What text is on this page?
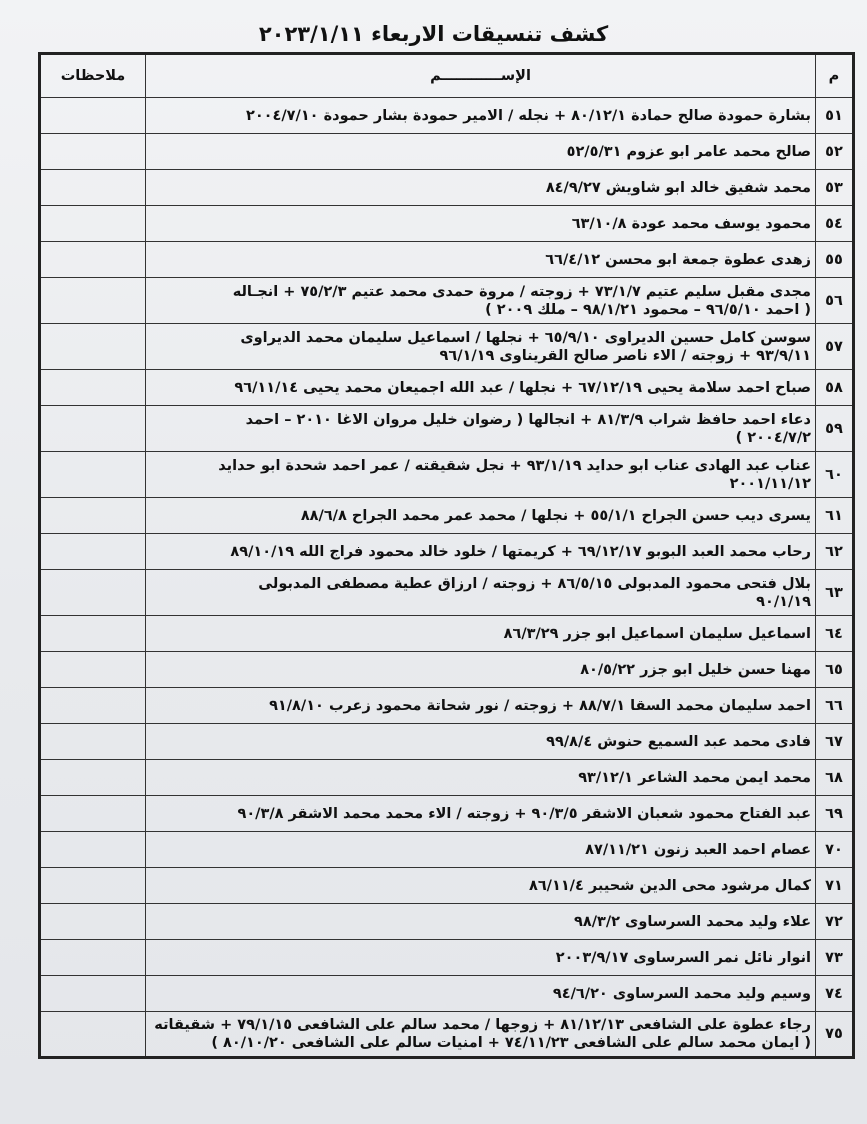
كشف تنسيقات الاربعاء ٢٠٢٣/١/١١
م	الإســــــــــــم	ملاحظات
٥١	بشارة حمودة صالح حمادة ٨٠/١٢/١ + نجله / الامير حمودة بشار حمودة ٢٠٠٤/٧/١٠	

٥٢	صالح محمد عامر ابو عزوم ٥٢/٥/٣١	

٥٣	محمد شفيق خالد ابو شاويش ٨٤/٩/٢٧	

٥٤	محمود يوسف محمد عودة ٦٣/١٠/٨	

٥٥	زهدى عطوة جمعة ابو محسن ٦٦/٤/١٢	

٥٦	مجدى مقبل سليم عتيم ٧٣/١/٧ + زوجته / مروة حمدى محمد عتيم ٧٥/٢/٣ + انجـاله
( احمد ٩٦/٥/١٠ – محمود ٩٨/١/٢١ – ملك ٢٠٠٩ )	

٥٧	سوسن كامل حسين الديراوى ٦٥/٩/١٠ + نجلها / اسماعيل سليمان محمد الديراوى
٩٣/٩/١١ + زوجته / الاء ناصر صالح القريناوى ٩٦/١/١٩	

٥٨	صباح احمد سلامة يحيى ٦٧/١٢/١٩ + نجلها / عبد الله اجميعان محمد يحيى ٩٦/١١/١٤	

٥٩	دعاء احمد حافظ شراب ٨١/٣/٩ + انجالها ( رضوان خليل مروان الاغا ٢٠١٠ – احمد
٢٠٠٤/٧/٢ )	

٦٠	عناب عبد الهادى عناب ابو حدايد ٩٣/١/١٩ + نجل شقيقته / عمر احمد شحدة ابو حدايد
٢٠٠١/١١/١٢	

٦١	يسرى ديب حسن الجراح ٥٥/١/١ + نجلها / محمد عمر محمد الجراح ٨٨/٦/٨	

٦٢	رحاب محمد العبد البوبو ٦٩/١٢/١٧ + كريمتها / خلود خالد محمود فراج الله ٨٩/١٠/١٩	

٦٣	بلال فتحى محمود المدبولى ٨٦/٥/١٥ + زوجته / ارزاق عطية مصطفى المدبولى
٩٠/١/١٩	

٦٤	اسماعيل سليمان اسماعيل ابو جزر ٨٦/٣/٢٩	

٦٥	مهنا حسن خليل ابو جزر ٨٠/٥/٢٢	

٦٦	احمد سليمان محمد السقا ٨٨/٧/١ + زوجته / نور شحاتة محمود زعرب ٩١/٨/١٠	

٦٧	فادى محمد عبد السميع حنوش ٩٩/٨/٤	

٦٨	محمد ايمن محمد الشاعر ٩٣/١٢/١	

٦٩	عبد الفتاح محمود شعبان الاشقر ٩٠/٣/٥ + زوجته / الاء محمد محمد الاشقر ٩٠/٣/٨	

٧٠	عصام احمد العبد زنون ٨٧/١١/٢١	

٧١	كمال مرشود محى الدين شحيبر ٨٦/١١/٤	

٧٢	علاء وليد محمد السرساوى ٩٨/٣/٢	

٧٣	انوار نائل نمر السرساوى ٢٠٠٣/٩/١٧	

٧٤	وسيم وليد محمد السرساوى ٩٤/٦/٢٠	

٧٥	رجاء عطوة على الشافعى ٨١/١٢/١٣ + زوجها / محمد سالم على الشافعى ٧٩/١/١٥ + شقيقاته
( ايمان محمد سالم على الشافعى ٧٤/١١/٢٣ + امنيات سالم على الشافعى ٨٠/١٠/٢٠ )	
